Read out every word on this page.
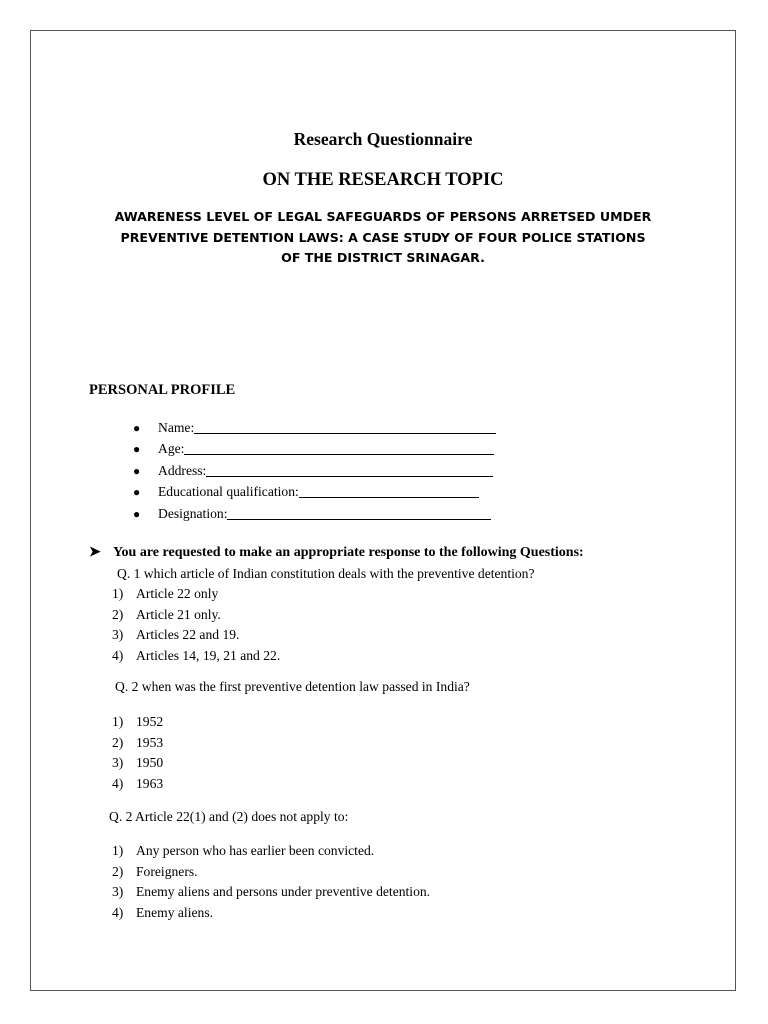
Research Questionnaire
ON THE RESEARCH TOPIC
AWARENESS LEVEL OF LEGAL SAFEGUARDS OF PERSONS ARRETSED UMDER
PREVENTIVE DETENTION LAWS: A CASE STUDY OF FOUR POLICE STATIONS
OF THE DISTRICT SRINAGAR.
PERSONAL PROFILE
●	Name:
●	Age:
●	Address:
●	Educational qualification:
●	Designation:
➤ You are requested to make an appropriate response to the following Questions:
Q. 1 which article of Indian constitution deals with the preventive detention?
1) Article 22 only
2) Article 21 only.
3) Articles 22 and 19.
4) Articles 14, 19, 21 and 22.
Q. 2 when was the first preventive detention law passed in India?
1) 1952
2) 1953
3) 1950
4) 1963
Q. 2 Article 22(1) and (2) does not apply to:
1) Any person who has earlier been convicted.
2) Foreigners.
3) Enemy aliens and persons under preventive detention.
4) Enemy aliens.
